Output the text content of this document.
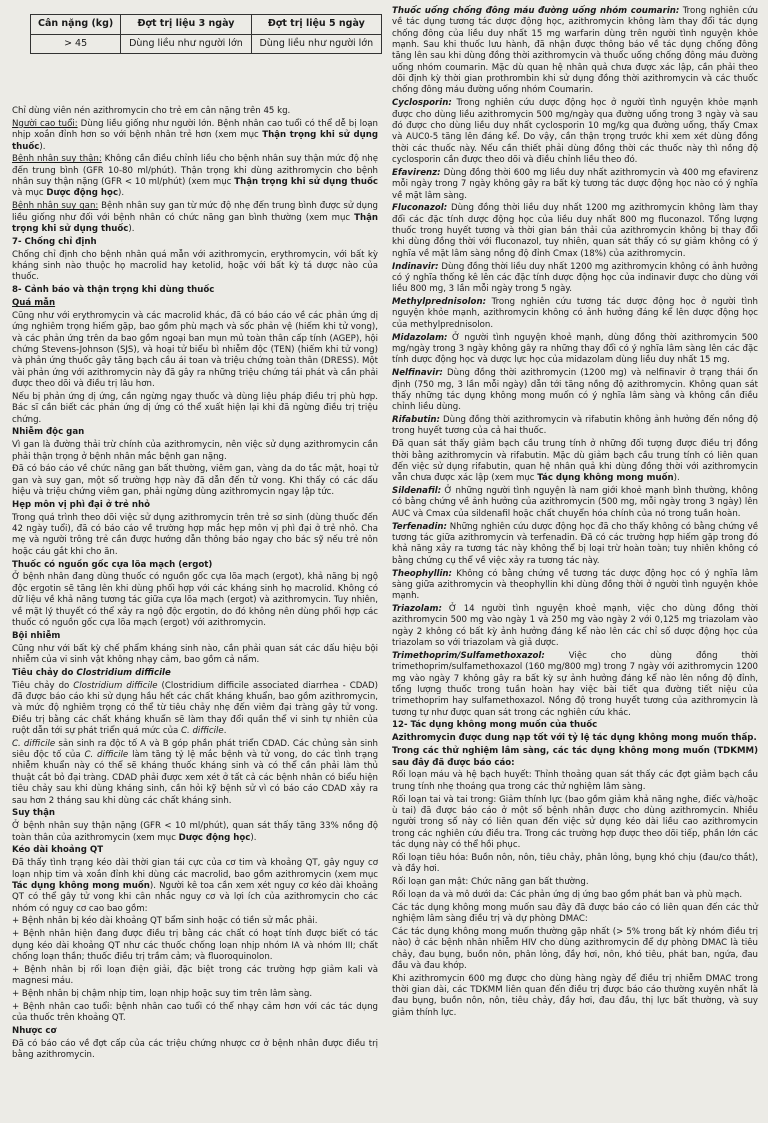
Cân nặng (kg)	Đợt trị liệu 3 ngày	Đợt trị liệu 5 ngày
> 45	Dùng liều như người lớn	Dùng liều như người lớn

Chỉ dùng viên nén azithromycin cho trẻ em cân nặng trên 45 kg.

Người cao tuổi: Dùng liều giống như người lớn. Bệnh nhân cao tuổi có thể dễ bị loạn nhịp xoắn đỉnh hơn so với bệnh nhân trẻ hơn (xem mục Thận trọng khi sử dụng thuốc).

Bệnh nhân suy thận: Không cần điều chỉnh liều cho bệnh nhân suy thận mức độ nhẹ đến trung bình (GFR 10-80 ml/phút). Thận trọng khi dùng azithromycin cho bệnh nhân suy thận nặng (GFR < 10 ml/phút) (xem mục Thận trọng khi sử dụng thuốc và mục Dược động học).

Bệnh nhân suy gan: Bệnh nhân suy gan từ mức độ nhẹ đến trung bình được sử dụng liều giống như đối với bệnh nhân có chức năng gan bình thường (xem mục Thận trọng khi sử dụng thuốc).

7- Chống chỉ định

Chống chỉ định cho bệnh nhân quá mẫn với azithromycin, erythromycin, với bất kỳ kháng sinh nào thuộc họ macrolid hay ketolid, hoặc với bất kỳ tá dược nào của thuốc.

8- Cảnh báo và thận trọng khi dùng thuốc

Quá mẫn

Cũng như với erythromycin và các macrolid khác, đã có báo cáo về các phản ứng dị ứng nghiêm trọng hiếm gặp, bao gồm phù mạch và sốc phản vệ (hiếm khi tử vong), và các phản ứng trên da bao gồm ngoại ban mụn mủ toàn thân cấp tính (AGEP), hội chứng Stevens-Johnson (SJS), và hoại tử biểu bì nhiễm độc (TEN) (hiếm khi tử vong) và phản ứng thuốc gây tăng bạch cầu ái toan và triệu chứng toàn thân (DRESS). Một vài phản ứng với azithromycin này đã gây ra những triệu chứng tái phát và cần phải được theo dõi và điều trị lâu hơn.

Nếu bị phản ứng dị ứng, cần ngừng ngay thuốc và dùng liệu pháp điều trị phù hợp. Bác sĩ cần biết các phản ứng dị ứng có thể xuất hiện lại khi đã ngừng điều trị triệu chứng.

Nhiễm độc gan

Vì gan là đường thải trừ chính của azithromycin, nên việc sử dụng azithromycin cần phải thận trọng ở bệnh nhân mắc bệnh gan nặng.

Đã có báo cáo về chức năng gan bất thường, viêm gan, vàng da do tắc mật, hoại tử gan và suy gan, một số trường hợp này đã dẫn đến tử vong. Khi thấy có các dấu hiệu và triệu chứng viêm gan, phải ngừng dùng azithromycin ngay lập tức.

Hẹp môn vị phì đại ở trẻ nhỏ

Trong quá trình theo dõi việc sử dụng azithromycin trên trẻ sơ sinh (dùng thuốc đến 42 ngày tuổi), đã có báo cáo về trường hợp mắc hẹp môn vị phì đại ở trẻ nhỏ. Cha mẹ và người trông trẻ cần được hướng dẫn thông báo ngay cho bác sỹ nếu trẻ nôn hoặc cáu gắt khi cho ăn.

Thuốc có nguồn gốc cựa lõa mạch (ergot)

Ở bệnh nhân đang dùng thuốc có nguồn gốc cựa lõa mạch (ergot), khả năng bị ngộ độc ergotin sẽ tăng lên khi dùng phối hợp với các kháng sinh họ macrolid. Không có dữ liệu về khả năng tương tác giữa cựa lõa mạch (ergot) và azithromycin. Tuy nhiên, về mặt lý thuyết có thể xảy ra ngộ độc ergotin, do đó không nên dùng phối hợp các thuốc có nguồn gốc cựa lõa mạch (ergot) với azithromycin.

Bội nhiễm

Cũng như với bất kỳ chế phẩm kháng sinh nào, cần phải quan sát các dấu hiệu bội nhiễm của vi sinh vật không nhạy cảm, bao gồm cả nấm.

Tiêu chảy do Clostridium difficile

Tiêu chảy do Clostridium difficile (Clostridium difficile associated diarrhea - CDAD) đã được báo cáo khi sử dụng hầu hết các chất kháng khuẩn, bao gồm azithromycin, và mức độ nghiêm trọng có thể từ tiêu chảy nhẹ đến viêm đại tràng gây tử vong. Điều trị bằng các chất kháng khuẩn sẽ làm thay đổi quần thể vi sinh tự nhiên của ruột dẫn tới sự phát triển quá mức của C. difficile.

C. difficile sản sinh ra độc tố A và B góp phần phát triển CDAD. Các chủng sản sinh siêu độc tố của C. difficile làm tăng tỷ lệ mắc bệnh và tử vong, do các tình trạng nhiễm khuẩn này có thể sẽ kháng thuốc kháng sinh và có thể cần phải làm thủ thuật cắt bỏ đại tràng. CDAD phải được xem xét ở tất cả các bệnh nhân có biểu hiện tiêu chảy sau khi dùng kháng sinh, cần hỏi kỹ bệnh sử vì có báo cáo CDAD xảy ra sau hơn 2 tháng sau khi dùng các chất kháng sinh.

Suy thận

Ở bệnh nhân suy thận nặng (GFR < 10 ml/phút), quan sát thấy tăng 33% nồng độ toàn thân của azithromycin (xem mục Dược động học).

Kéo dài khoảng QT

Đã thấy tình trạng kéo dài thời gian tái cực của cơ tim và khoảng QT, gây nguy cơ loạn nhịp tim và xoắn đỉnh khi dùng các macrolid, bao gồm azithromycin (xem mục Tác dụng không mong muốn). Người kê toa cần xem xét nguy cơ kéo dài khoảng QT có thể gây tử vong khi cân nhắc nguy cơ và lợi ích của azithromycin cho các nhóm có nguy cơ cao bao gồm:

+ Bệnh nhân bị kéo dài khoảng QT bẩm sinh hoặc có tiền sử mắc phải.

+ Bệnh nhân hiện đang được điều trị bằng các chất có hoạt tính được biết có tác dụng kéo dài khoảng QT như các thuốc chống loạn nhịp nhóm IA và nhóm III; chất chống loạn thần; thuốc điều trị trầm cảm; và fluoroquinolon.

+ Bệnh nhân bị rối loạn điện giải, đặc biệt trong các trường hợp giảm kali và magnesi máu.

+ Bệnh nhân bị chậm nhịp tim, loạn nhịp hoặc suy tim trên lâm sàng.

+ Bệnh nhân cao tuổi: bệnh nhân cao tuổi có thể nhạy cảm hơn với các tác dụng của thuốc trên khoảng QT.

Nhược cơ

Đã có báo cáo về đợt cấp của các triệu chứng nhược cơ ở bệnh nhân được điều trị bằng azithromycin.

Thuốc uống chống đông máu đường uống nhóm coumarin: Trong nghiên cứu về tác dụng tương tác dược động học, azithromycin không làm thay đổi tác dụng chống đông của liều duy nhất 15 mg warfarin dùng trên người tình nguyện khỏe mạnh. Sau khi thuốc lưu hành, đã nhận được thông báo về tác dụng chống đông tăng lên sau khi dùng đồng thời azithromycin và thuốc uống chống đông máu đường uống nhóm coumarin. Mặc dù quan hệ nhân quả chưa được xác lập, cần phải theo dõi định kỳ thời gian prothrombin khi sử dụng đồng thời azithromycin và các thuốc chống đông máu đường uống nhóm Coumarin.

Cyclosporin: Trong nghiên cứu dược động học ở người tình nguyện khỏe mạnh được cho dùng liều azithromycin 500 mg/ngày qua đường uống trong 3 ngày và sau đó được cho dùng liều duy nhất cyclosporin 10 mg/kg qua đường uống, thấy Cmax và AUC0-5 tăng lên đáng kể. Do vậy, cần thận trọng trước khi xem xét dùng đồng thời các thuốc này. Nếu cần thiết phải dùng đồng thời các thuốc này thì nồng độ cyclosporin cần được theo dõi và điều chỉnh liều theo đó.

Efavirenz: Dùng đồng thời 600 mg liều duy nhất azithromycin và 400 mg efavirenz mỗi ngày trong 7 ngày không gây ra bất kỳ tương tác dược động học nào có ý nghĩa về mặt lâm sàng.

Fluconazol: Dùng đồng thời liều duy nhất 1200 mg azithromycin không làm thay đổi các đặc tính dược động học của liều duy nhất 800 mg fluconazol. Tổng lượng thuốc trong huyết tương và thời gian bán thải của azithromycin không bị thay đổi khi dùng đồng thời với fluconazol, tuy nhiên, quan sát thấy có sự giảm không có ý nghĩa về mặt lâm sàng nồng độ đỉnh Cmax (18%) của azithromycin.

Indinavir: Dùng đồng thời liều duy nhất 1200 mg azithromycin không có ảnh hưởng có ý nghĩa thống kê lên các đặc tính dược động học của indinavir được cho dùng với liều 800 mg, 3 lần mỗi ngày trong 5 ngày.

Methylprednisolon: Trong nghiên cứu tương tác dược động học ở người tình nguyện khỏe mạnh, azithromycin không có ảnh hưởng đáng kể lên dược động học của methylprednisolon.

Midazolam: Ở người tình nguyện khoẻ mạnh, dùng đồng thời azithromycin 500 mg/ngày trong 3 ngày không gây ra những thay đổi có ý nghĩa lâm sàng lên các đặc tính dược động học và dược lực học của midazolam dùng liều duy nhất 15 mg.

Nelfinavir: Dùng đồng thời azithromycin (1200 mg) và nelfinavir ở trạng thái ổn định (750 mg, 3 lần mỗi ngày) dẫn tới tăng nồng độ azithromycin. Không quan sát thấy những tác dụng không mong muốn có ý nghĩa lâm sàng và không cần điều chỉnh liều dùng.

Rifabutin: Dùng đồng thời azithromycin và rifabutin không ảnh hưởng đến nồng độ trong huyết tương của cả hai thuốc.

Đã quan sát thấy giảm bạch cầu trung tính ở những đối tượng được điều trị đồng thời bằng azithromycin và rifabutin. Mặc dù giảm bạch cầu trung tính có liên quan đến việc sử dụng rifabutin, quan hệ nhân quả khi dùng đồng thời với azithromycin vẫn chưa được xác lập (xem mục Tác dụng không mong muốn).

Sildenafil: Ở những người tình nguyện là nam giới khoẻ mạnh bình thường, không có bằng chứng về ảnh hưởng của azithromycin (500 mg, mỗi ngày trong 3 ngày) lên AUC và Cmax của sildenafil hoặc chất chuyển hóa chính của nó trong tuần hoàn.

Terfenadin: Những nghiên cứu dược động học đã cho thấy không có bằng chứng về tương tác giữa azithromycin và terfenadin. Đã có các trường hợp hiếm gặp trong đó khả năng xảy ra tương tác này không thể bị loại trừ hoàn toàn; tuy nhiên không có bằng chứng cụ thể về việc xảy ra tương tác này.

Theophyllin: Không có bằng chứng về tương tác dược động học có ý nghĩa lâm sàng giữa azithromycin và theophyllin khi dùng đồng thời ở người tình nguyện khỏe mạnh.

Triazolam: Ở 14 người tình nguyện khoẻ mạnh, việc cho dùng đồng thời azithromycin 500 mg vào ngày 1 và 250 mg vào ngày 2 với 0,125 mg triazolam vào ngày 2 không có bất kỳ ảnh hưởng đáng kể nào lên các chỉ số dược động học của triazolam so với triazolam và giả dược.

Trimethoprim/Sulfamethoxazol: Việc cho dùng đồng thời trimethoprim/sulfamethoxazol (160 mg/800 mg) trong 7 ngày với azithromycin 1200 mg vào ngày 7 không gây ra bất kỳ sự ảnh hưởng đáng kể nào lên nồng độ đỉnh, tổng lượng thuốc trong tuần hoàn hay việc bài tiết qua đường tiết niệu của trimethoprim hay sulfamethoxazol. Nồng độ trong huyết tương của azithromycin là tương tự như được quan sát trong các nghiên cứu khác.

12- Tác dụng không mong muốn của thuốc

Azithromycin được dung nạp tốt với tỷ lệ tác dụng không mong muốn thấp.

Trong các thử nghiệm lâm sàng, các tác dụng không mong muốn (TDKMM) sau đây đã được báo cáo:

Rối loạn máu và hệ bạch huyết: Thỉnh thoảng quan sát thấy các đợt giảm bạch cầu trung tính nhẹ thoáng qua trong các thử nghiệm lâm sàng.

Rối loạn tai và tai trong: Giảm thính lực (bao gồm giảm khả năng nghe, điếc và/hoặc ù tai) đã được báo cáo ở một số bệnh nhân được cho dùng azithromycin. Nhiều người trong số này có liên quan đến việc sử dụng kéo dài liều cao azithromycin trong các nghiên cứu điều tra. Trong các trường hợp được theo dõi tiếp, phần lớn các tác dụng này có thể hồi phục.

Rối loạn tiêu hóa: Buồn nôn, nôn, tiêu chảy, phân lỏng, bụng khó chịu (đau/co thắt), và đầy hơi.

Rối loạn gan mật: Chức năng gan bất thường.

Rối loạn da và mô dưới da: Các phản ứng dị ứng bao gồm phát ban và phù mạch.

Các tác dụng không mong muốn sau đây đã được báo cáo có liên quan đến các thử nghiệm lâm sàng điều trị và dự phòng DMAC:

Các tác dụng không mong muốn thường gặp nhất (> 5% trong bất kỳ nhóm điều trị nào) ở các bệnh nhân nhiễm HIV cho dùng azithromycin để dự phòng DMAC là tiêu chảy, đau bụng, buồn nôn, phân lỏng, đầy hơi, nôn, khó tiêu, phát ban, ngứa, đau đầu và đau khớp.

Khi azithromycin 600 mg được cho dùng hàng ngày để điều trị nhiễm DMAC trong thời gian dài, các TDKMM liên quan đến điều trị được báo cáo thường xuyên nhất là đau bụng, buồn nôn, nôn, tiêu chảy, đầy hơi, đau đầu, thị lực bất thường, và suy giảm thính lực.
